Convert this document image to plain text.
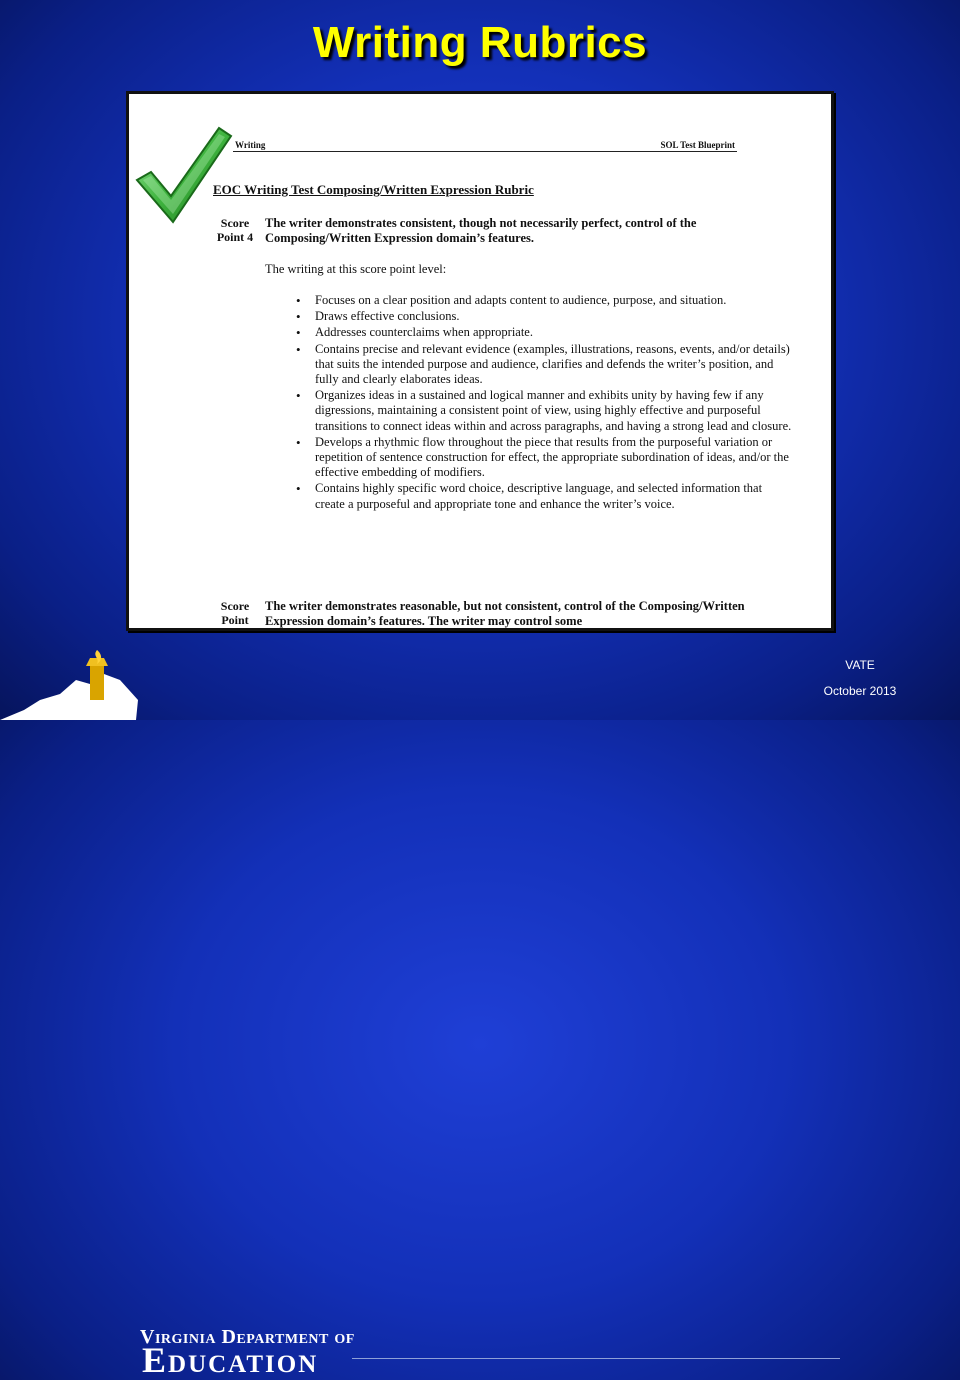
Writing Rubrics
Writing	SOL Test Blueprint
EOC Writing Test Composing/Written Expression Rubric
Score Point 4
The writer demonstrates consistent, though not necessarily perfect, control of the Composing/Written Expression domain’s features.
The writing at this score point level:
• Focuses on a clear position and adapts content to audience, purpose, and situation.
• Draws effective conclusions.
• Addresses counterclaims when appropriate.
• Contains precise and relevant evidence (examples, illustrations, reasons, events, and/or details) that suits the intended purpose and audience, clarifies and defends the writer’s position, and fully and clearly elaborates ideas.
• Organizes ideas in a sustained and logical manner and exhibits unity by having few if any digressions, maintaining a consistent point of view, using highly effective and purposeful transitions to connect ideas within and across paragraphs, and having a strong lead and closure.
• Develops a rhythmic flow throughout the piece that results from the purposeful variation or repetition of sentence construction for effect, the appropriate subordination of ideas, and/or the effective embedding of modifiers.
• Contains highly specific word choice, descriptive language, and selected information that create a purposeful and appropriate tone and enhance the writer’s voice.
Score Point
The writer demonstrates reasonable, but not consistent, control of the Composing/Written Expression domain’s features. The writer may control some
Virginia Department of
Education
VATE
October 2013
